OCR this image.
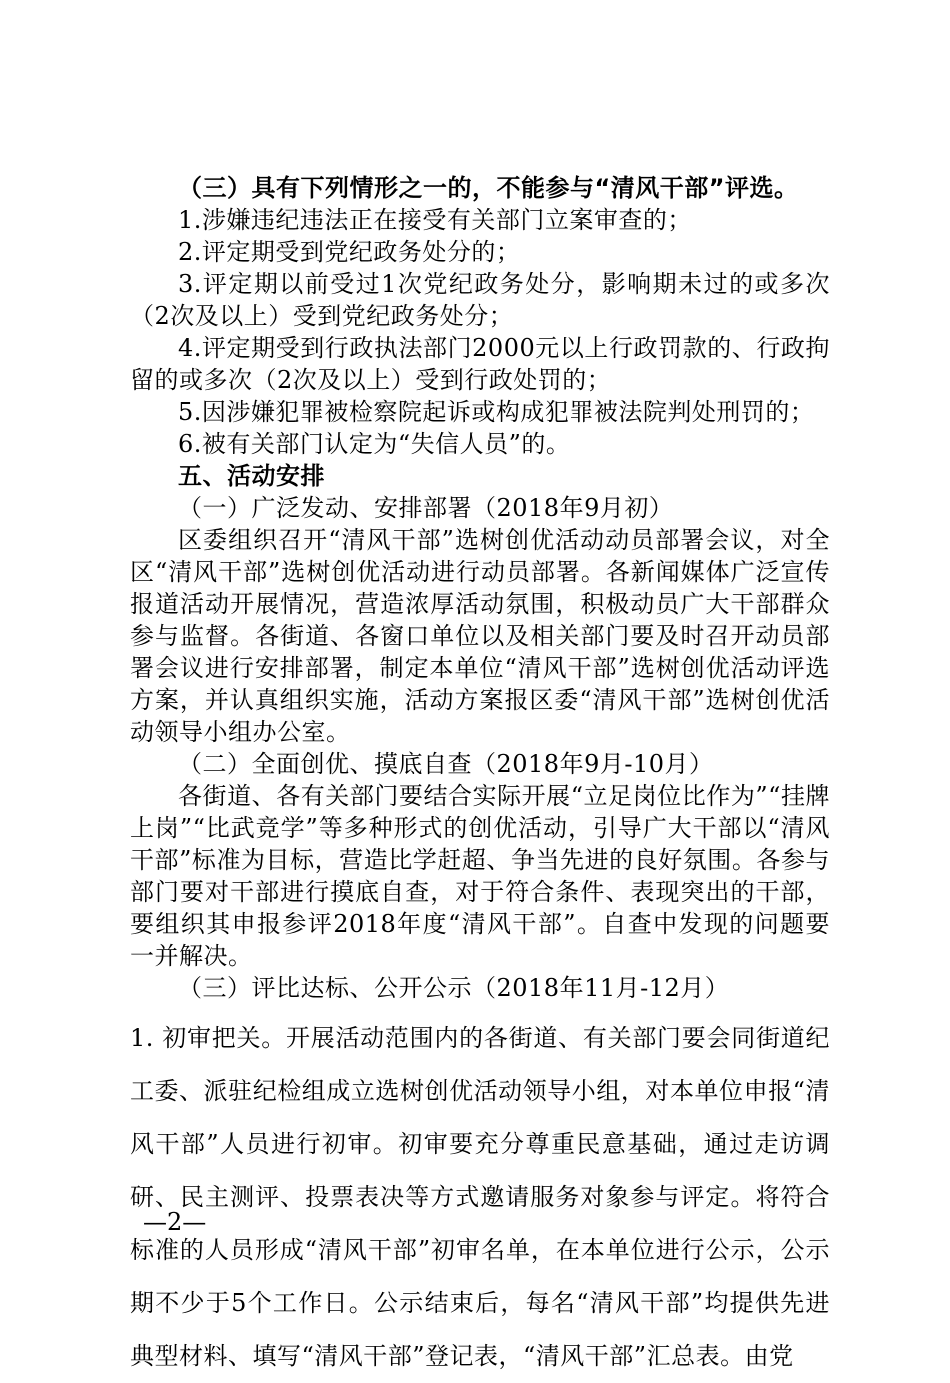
（三）具有下列情形之一的，不能参与“清风干部”评选。

1.涉嫌违纪违法正在接受有关部门立案审查的；

2.评定期受到党纪政务处分的；

3.评定期以前受过1次党纪政务处分，影响期未过的或多次（2次及以上）受到党纪政务处分；

4.评定期受到行政执法部门2000元以上行政罚款的、行政拘留的或多次（2次及以上）受到行政处罚的；

5.因涉嫌犯罪被检察院起诉或构成犯罪被法院判处刑罚的；

6.被有关部门认定为“失信人员”的。

五、活动安排

（一）广泛发动、安排部署（2018年9月初）

区委组织召开“清风干部”选树创优活动动员部署会议，对全区“清风干部”选树创优活动进行动员部署。各新闻媒体广泛宣传报道活动开展情况，营造浓厚活动氛围，积极动员广大干部群众参与监督。各街道、各窗口单位以及相关部门要及时召开动员部署会议进行安排部署，制定本单位“清风干部”选树创优活动评选方案，并认真组织实施，活动方案报区委“清风干部”选树创优活动领导小组办公室。

（二）全面创优、摸底自查（2018年9月-10月）

各街道、各有关部门要结合实际开展“立足岗位比作为”“挂牌上岗”“比武竞学”等多种形式的创优活动，引导广大干部以“清风干部”标准为目标，营造比学赶超、争当先进的良好氛围。各参与部门要对干部进行摸底自查，对于符合条件、表现突出的干部，要组织其申报参评2018年度“清风干部”。自查中发现的问题要一并解决。

（三）评比达标、公开公示（2018年11月-12月）

1. 初审把关。开展活动范围内的各街道、有关部门要会同街道纪工委、派驻纪检组成立选树创优活动领导小组，对本单位申报“清风干部”人员进行初审。初审要充分尊重民意基础，通过走访调研、民主测评、投票表决等方式邀请服务对象参与评定。将符合标准的人员形成“清风干部”初审名单，在本单位进行公示，公示期不少于5个工作日。公示结束后，每名“清风干部”均提供先进典型材料、填写“清风干部”登记表，“清风干部”汇总表。由党

—2—
